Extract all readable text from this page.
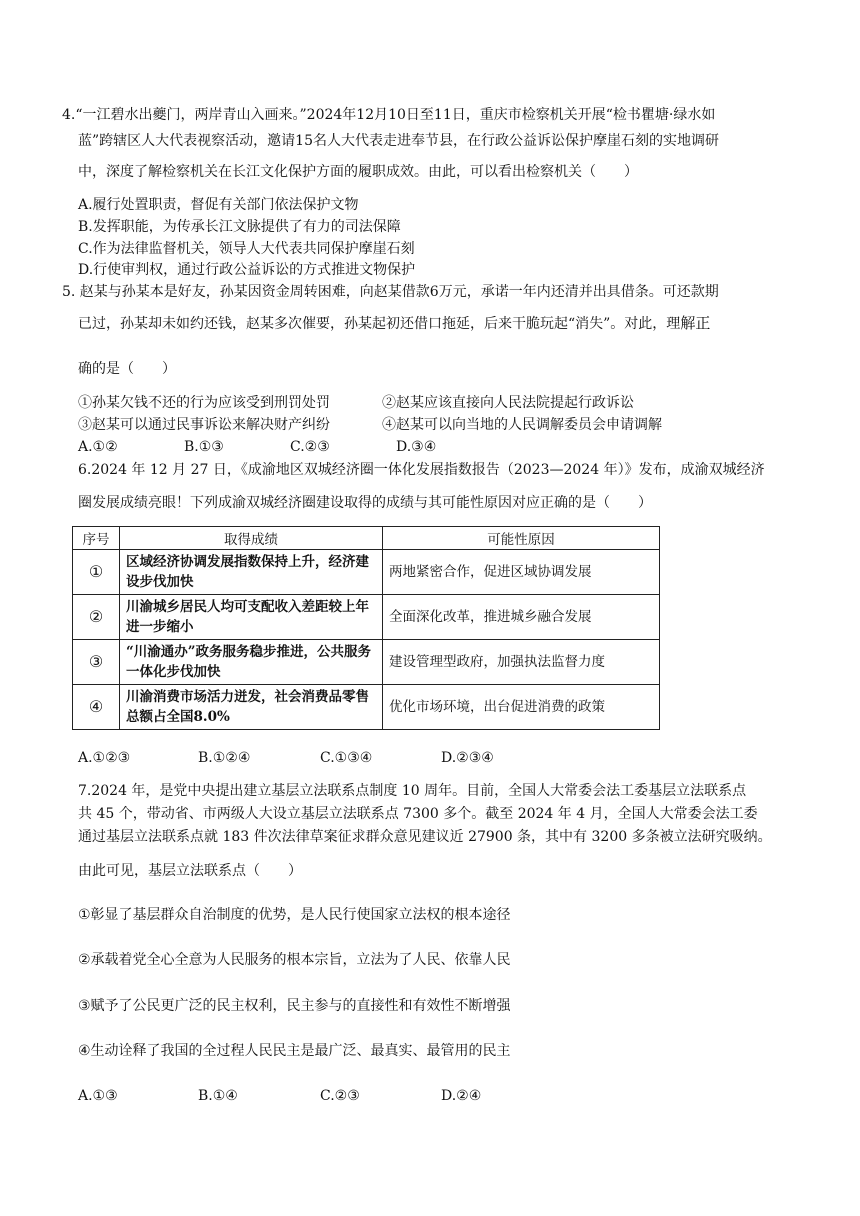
4.“一江碧水出夔门，两岸青山入画来。”2024年12月10日至11日，重庆市检察机关开展“检书瞿塘·绿水如
蓝”跨辖区人大代表视察活动，邀请15名人大代表走进奉节县，在行政公益诉讼保护摩崖石刻的实地调研
中，深度了解检察机关在长江文化保护方面的履职成效。由此，可以看出检察机关（　　）
A.履行处置职责，督促有关部门依法保护文物
B.发挥职能，为传承长江文脉提供了有力的司法保障
C.作为法律监督机关，领导人大代表共同保护摩崖石刻
D.行使审判权，通过行政公益诉讼的方式推进文物保护
5. 赵某与孙某本是好友，孙某因资金周转困难，向赵某借款6万元，承诺一年内还清并出具借条。可还款期
已过，孙某却未如约还钱，赵某多次催要，孙某起初还借口拖延，后来干脆玩起“消失”。对此，理解正
确的是（　　）
①孙某欠钱不还的行为应该受到刑罚处罚	②赵某应该直接向人民法院提起行政诉讼
③赵某可以通过民事诉讼来解决财产纠纷	④赵某可以向当地的人民调解委员会申请调解
A.①②	B.①③	C.②③	D.③④
6.2024 年 12 月 27 日，《成渝地区双城经济圈一体化发展指数报告（2023—2024 年）》发布，成渝双城经济
圈发展成绩亮眼！下列成渝双城经济圈建设取得的成绩与其可能性原因对应正确的是（　　）
序号	取得成绩	可能性原因
①	区域经济协调发展指数保持上升，经济建设步伐加快	两地紧密合作，促进区域协调发展
②	川渝城乡居民人均可支配收入差距较上年进一步缩小	全面深化改革，推进城乡融合发展
③	“川渝通办”政务服务稳步推进，公共服务一体化步伐加快	建设管理型政府，加强执法监督力度
④	川渝消费市场活力迸发，社会消费品零售总额占全国8.0%	优化市场环境，出台促进消费的政策
A.①②③	B.①②④	C.①③④	D.②③④
7.2024 年，是党中央提出建立基层立法联系点制度 10 周年。目前，全国人大常委会法工委基层立法联系点
共 45 个，带动省、市两级人大设立基层立法联系点 7300 多个。截至 2024 年 4 月，全国人大常委会法工委
通过基层立法联系点就 183 件次法律草案征求群众意见建议近 27900 条，其中有 3200 多条被立法研究吸纳。
由此可见，基层立法联系点（　　）
①彰显了基层群众自治制度的优势，是人民行使国家立法权的根本途径
②承载着党全心全意为人民服务的根本宗旨，立法为了人民、依靠人民
③赋予了公民更广泛的民主权利，民主参与的直接性和有效性不断增强
④生动诠释了我国的全过程人民民主是最广泛、最真实、最管用的民主
A.①③	B.①④	C.②③	D.②④
